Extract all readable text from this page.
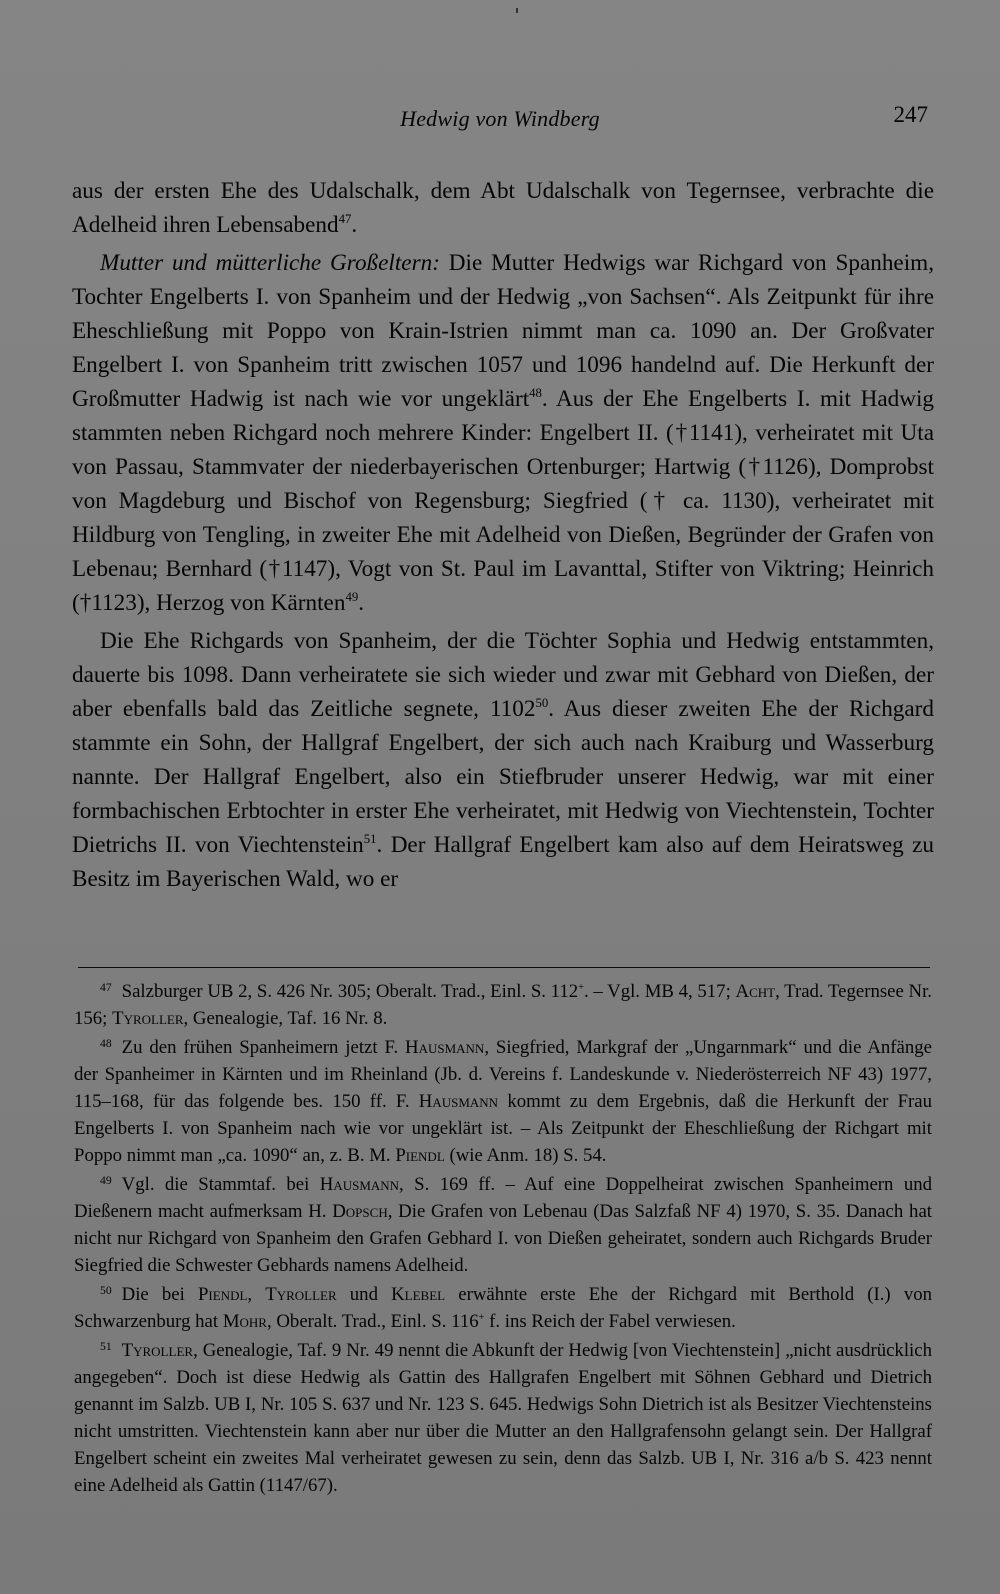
Hedwig von Windberg	247

aus der ersten Ehe des Udalschalk, dem Abt Udalschalk von Tegernsee, verbrachte die Adelheid ihren Lebensabend$^{47}$.

Mutter und mütterliche Großeltern: Die Mutter Hedwigs war Richgard von Spanheim, Tochter Engelberts I. von Spanheim und der Hedwig „von Sachsen“. Als Zeitpunkt für ihre Eheschließung mit Poppo von Krain-Istrien nimmt man ca. 1090 an. Der Großvater Engelbert I. von Spanheim tritt zwischen 1057 und 1096 handelnd auf. Die Herkunft der Großmutter Hadwig ist nach wie vor ungeklärt$^{48}$. Aus der Ehe Engelberts I. mit Hadwig stammten neben Richgard noch mehrere Kinder: Engelbert II. (†1141), verheiratet mit Uta von Passau, Stammvater der niederbayerischen Ortenburger; Hartwig (†1126), Domprobst von Magdeburg und Bischof von Regensburg; Siegfried († ca. 1130), verheiratet mit Hildburg von Tengling, in zweiter Ehe mit Adelheid von Dießen, Begründer der Grafen von Lebenau; Bernhard (†1147), Vogt von St. Paul im Lavanttal, Stifter von Viktring; Heinrich (†1123), Herzog von Kärnten$^{49}$.

Die Ehe Richgards von Spanheim, der die Töchter Sophia und Hedwig entstammten, dauerte bis 1098. Dann verheiratete sie sich wieder und zwar mit Gebhard von Dießen, der aber ebenfalls bald das Zeitliche segnete, 1102$^{50}$. Aus dieser zweiten Ehe der Richgard stammte ein Sohn, der Hallgraf Engelbert, der sich auch nach Kraiburg und Wasserburg nannte. Der Hallgraf Engelbert, also ein Stiefbruder unserer Hedwig, war mit einer formbachischen Erbtochter in erster Ehe verheiratet, mit Hedwig von Viechtenstein, Tochter Dietrichs II. von Viechtenstein$^{51}$. Der Hallgraf Engelbert kam also auf dem Heiratsweg zu Besitz im Bayerischen Wald, wo er

$^{47}$ Salzburger UB 2, S. 426 Nr. 305; Oberalt. Trad., Einl. S. 112+. – Vgl. MB 4, 517; Acht, Trad. Tegernsee Nr. 156; Tyroller, Genealogie, Taf. 16 Nr. 8.

$^{48}$ Zu den frühen Spanheimern jetzt F. Hausmann, Siegfried, Markgraf der „Ungarnmark“ und die Anfänge der Spanheimer in Kärnten und im Rheinland (Jb. d. Vereins f. Landeskunde v. Niederösterreich NF 43) 1977, 115–168, für das folgende bes. 150 ff. F. Hausmann kommt zu dem Ergebnis, daß die Herkunft der Frau Engelberts I. von Spanheim nach wie vor ungeklärt ist. – Als Zeitpunkt der Eheschließung der Richgart mit Poppo nimmt man „ca. 1090“ an, z. B. M. Piendl (wie Anm. 18) S. 54.

$^{49}$ Vgl. die Stammtaf. bei Hausmann, S. 169 ff. – Auf eine Doppelheirat zwischen Spanheimern und Dießenern macht aufmerksam H. Dopsch, Die Grafen von Lebenau (Das Salzfaß NF 4) 1970, S. 35. Danach hat nicht nur Richgard von Spanheim den Grafen Gebhard I. von Dießen geheiratet, sondern auch Richgards Bruder Siegfried die Schwester Gebhards namens Adelheid.

$^{50}$ Die bei Piendl, Tyroller und Klebel erwähnte erste Ehe der Richgard mit Berthold (I.) von Schwarzenburg hat Mohr, Oberalt. Trad., Einl. S. 116+ f. ins Reich der Fabel verwiesen.

$^{51}$ Tyroller, Genealogie, Taf. 9 Nr. 49 nennt die Abkunft der Hedwig [von Viechtenstein] „nicht ausdrücklich angegeben“. Doch ist diese Hedwig als Gattin des Hallgrafen Engelbert mit Söhnen Gebhard und Dietrich genannt im Salzb. UB I, Nr. 105 S. 637 und Nr. 123 S. 645. Hedwigs Sohn Dietrich ist als Besitzer Viechtensteins nicht umstritten. Viechtenstein kann aber nur über die Mutter an den Hallgrafensohn gelangt sein. Der Hallgraf Engelbert scheint ein zweites Mal verheiratet gewesen zu sein, denn das Salzb. UB I, Nr. 316 a/b S. 423 nennt eine Adelheid als Gattin (1147/67).
